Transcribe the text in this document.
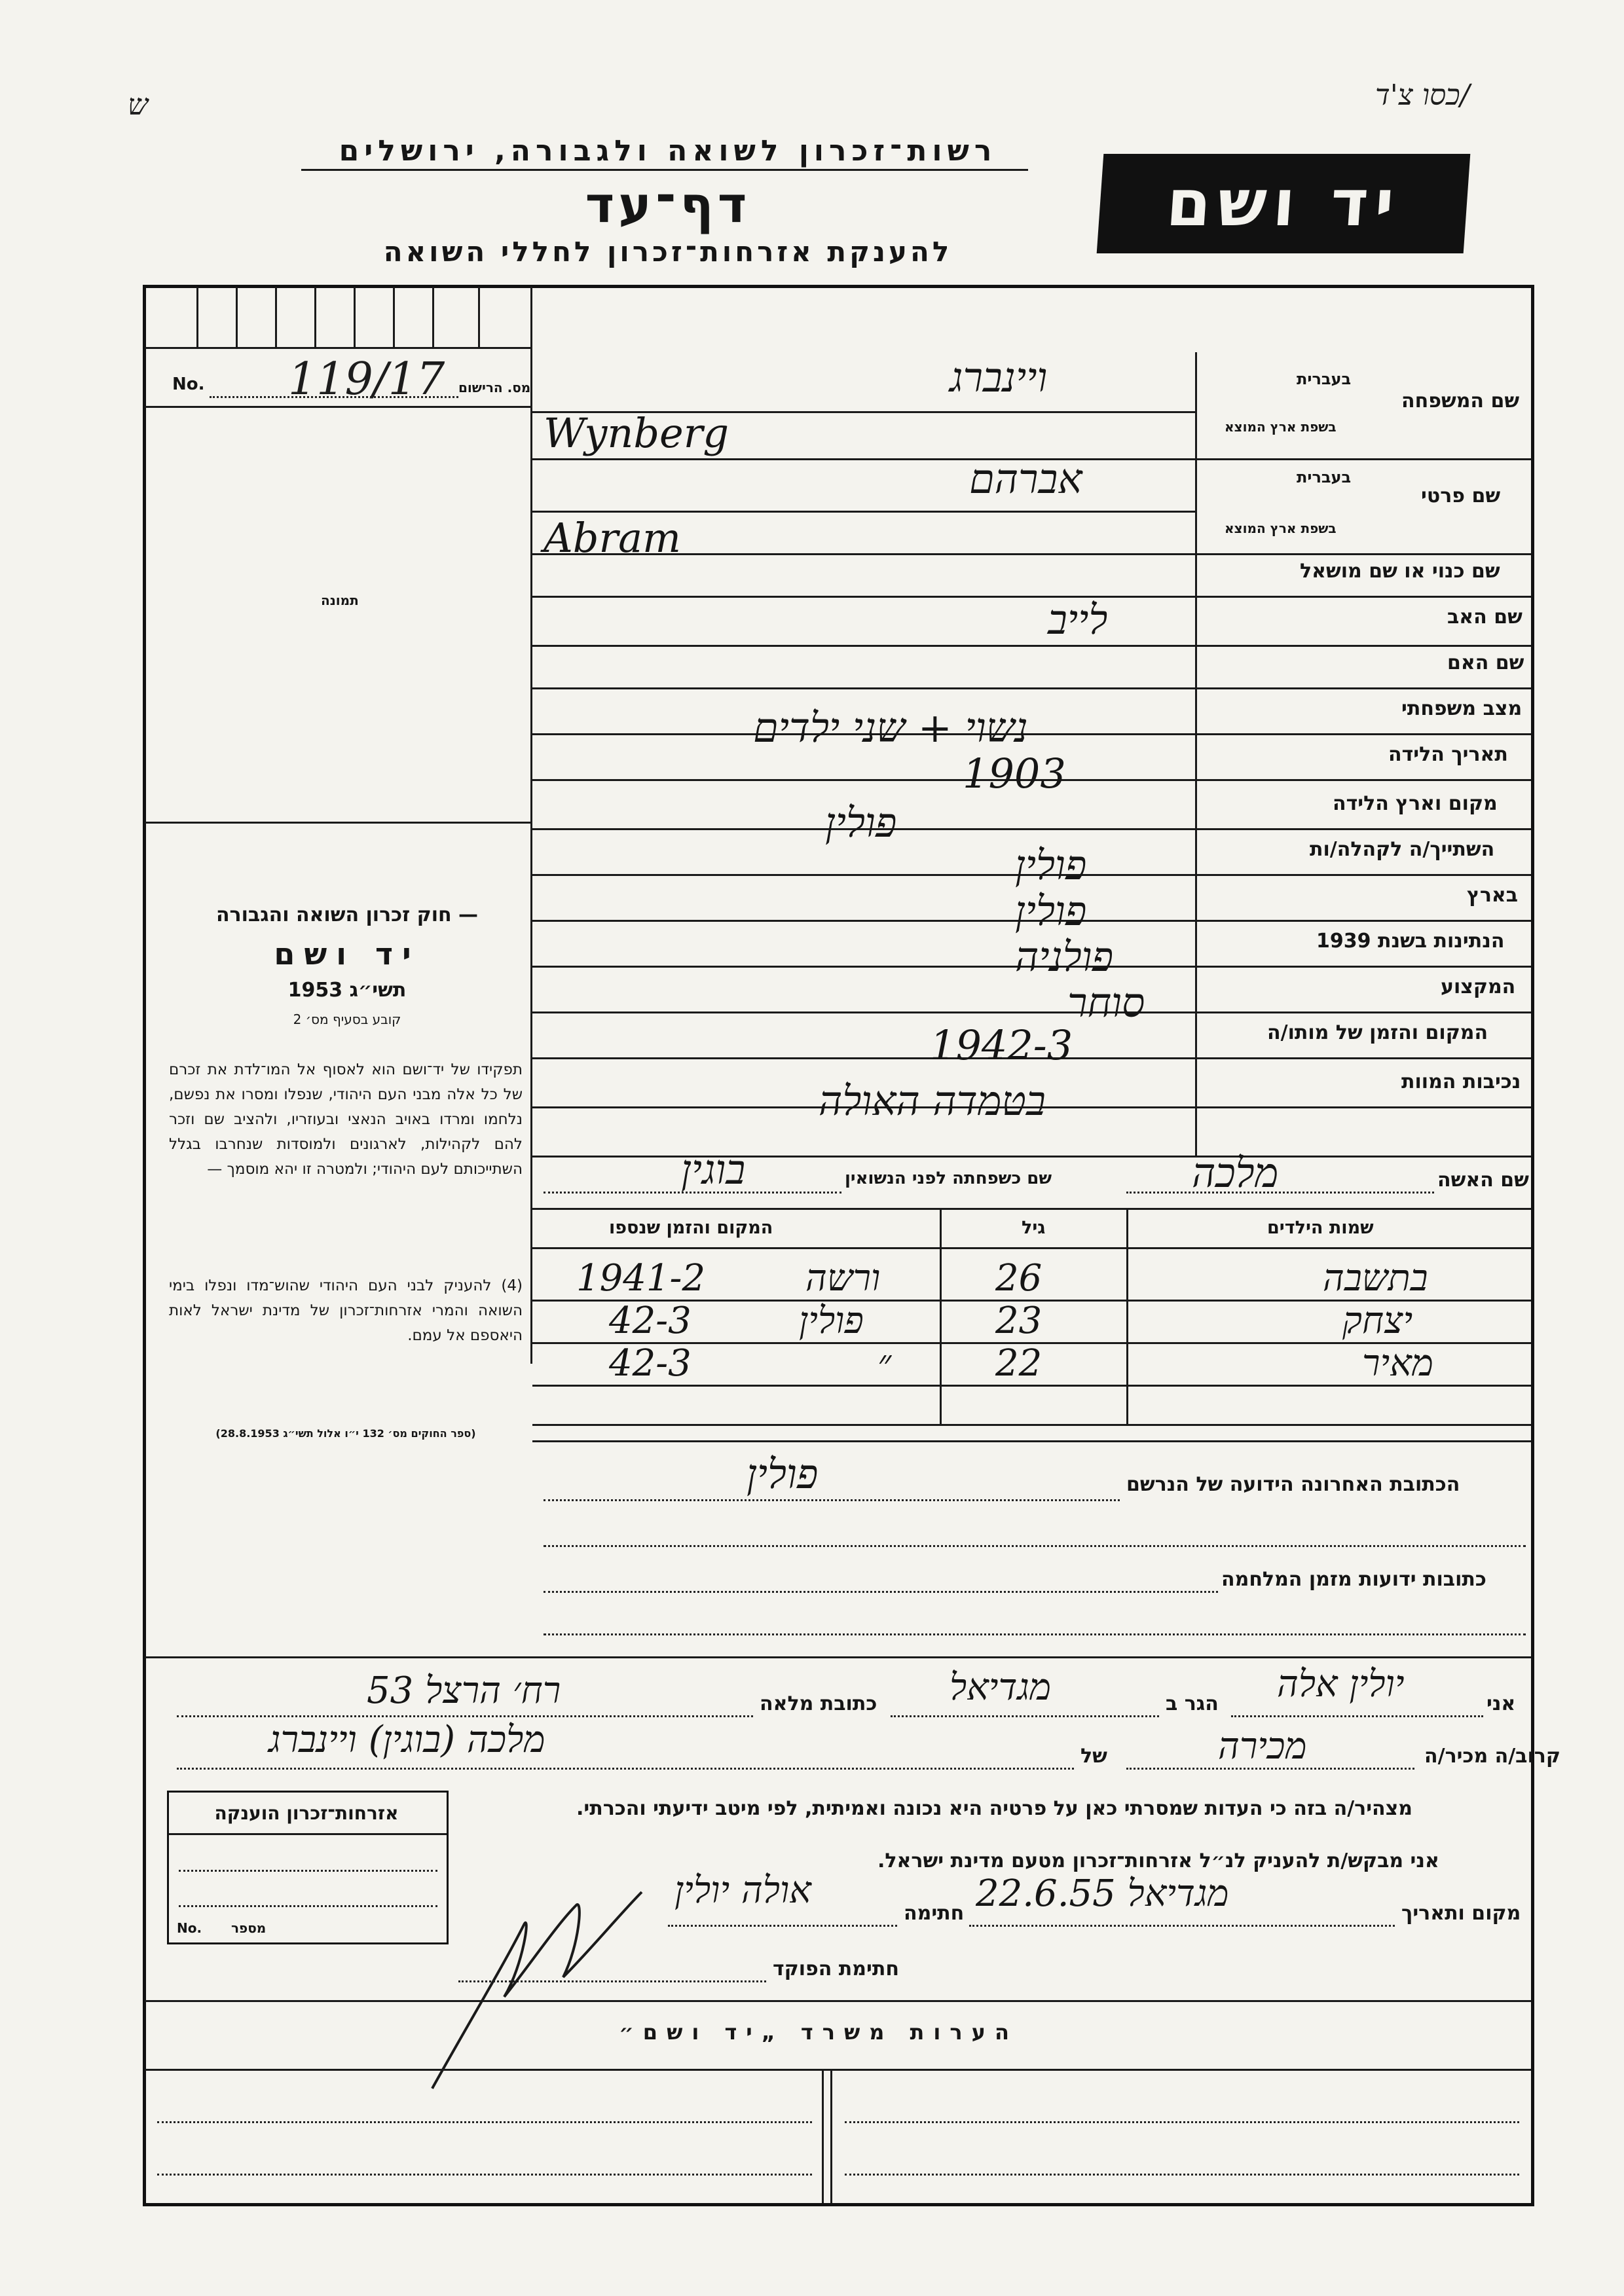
ש	/כסו צ'ד
רשות־זכרון לשואה ולגבורה, ירושלים
דף־עד
להענקת אזרחות־זכרון לחללי השואה
יד ושם
No. 119/17 מס. הרישום
תמונה
— חוק זכרון השואה והגבורה
יד ושם
תשי״ג 1953
קובע בסעיף מס׳ 2
תפקידו של יד־ושם הוא לאסוף אל המו־לדת את זכרם של כל אלה מבני העם היהודי, שנפלו ומסרו את נפשם, נלחמו ומרדו באויב הנאצי ובעוזריו, ולהציב שם וזכר להם לקהילות, לארגונים ולמוסדות שנחרבו בגלל השתייכותם לעם היהודי; ולמטרה זו יהא מוסמך —
(4) להעניק לבני העם היהודי שהוש־מדו ונפלו בימי השואה והמרי אזרחות־זכרון של מדינת ישראל לאות היאספם אל עמם.
(ספר החוקים מס׳ 132 י״ו אלול תשי״ג 28.8.1953)
שם המשפחה
בעברית
בשפת ארץ המוצא
שם פרטי
בעברית
בשפת ארץ המוצא
שם כנוי או שם מושאל
שם האב
שם האם
מצב משפחתי
תאריך הלידה
מקום וארץ הלידה
השתייך/ה לקהלה/ות
בארץ
הנתינות בשנת 1939
המקצוע
המקום והזמן של מותו/ה
נכיבות המוות
ויינברג
Wynberg
אברהם
Abram
לייב
נשוי + שני ילדים
1903
פולין
פולין
פולין
פולניה
סוחר
1942-3
בטמדה האולה
שם האשה
מלכה
שם כשפחתה לפני הנשואין
בוגין
שמות הילדים
גיל
המקום והזמן שנספו
בתשבה
26
ורשה
1941-2
יצחק
23
פולין
42-3
מאיר
22
״
42-3
הכתובת האחרונה הידועה של הנרשם
פולין
כתובות ידועות מזמן המלחמה
אני
יולין אלה
הגר ב
מגדיאל
כתובת מלאה
רח׳ הרצל 53
קרוב/ה מכיר/ה
מכירה
של
מלכה (בוגין) ויינברג
מצהיר/ה בזה כי העדות שמסרתי כאן על פרטיה היא נכונה ואמיתית, לפי מיטב ידיעתי והכרתי.
אני מבקש/ת להעניק לנ״ל אזרחות־זכרון מטעם מדינת ישראל.
מקום ותאריך
מגדיאל 22.6.55
חתימה
אולה יולין
חתימת הפוקד
אזרחות־זכרון הוענקה
No. מספר
הערות משרד „יד ושם״
